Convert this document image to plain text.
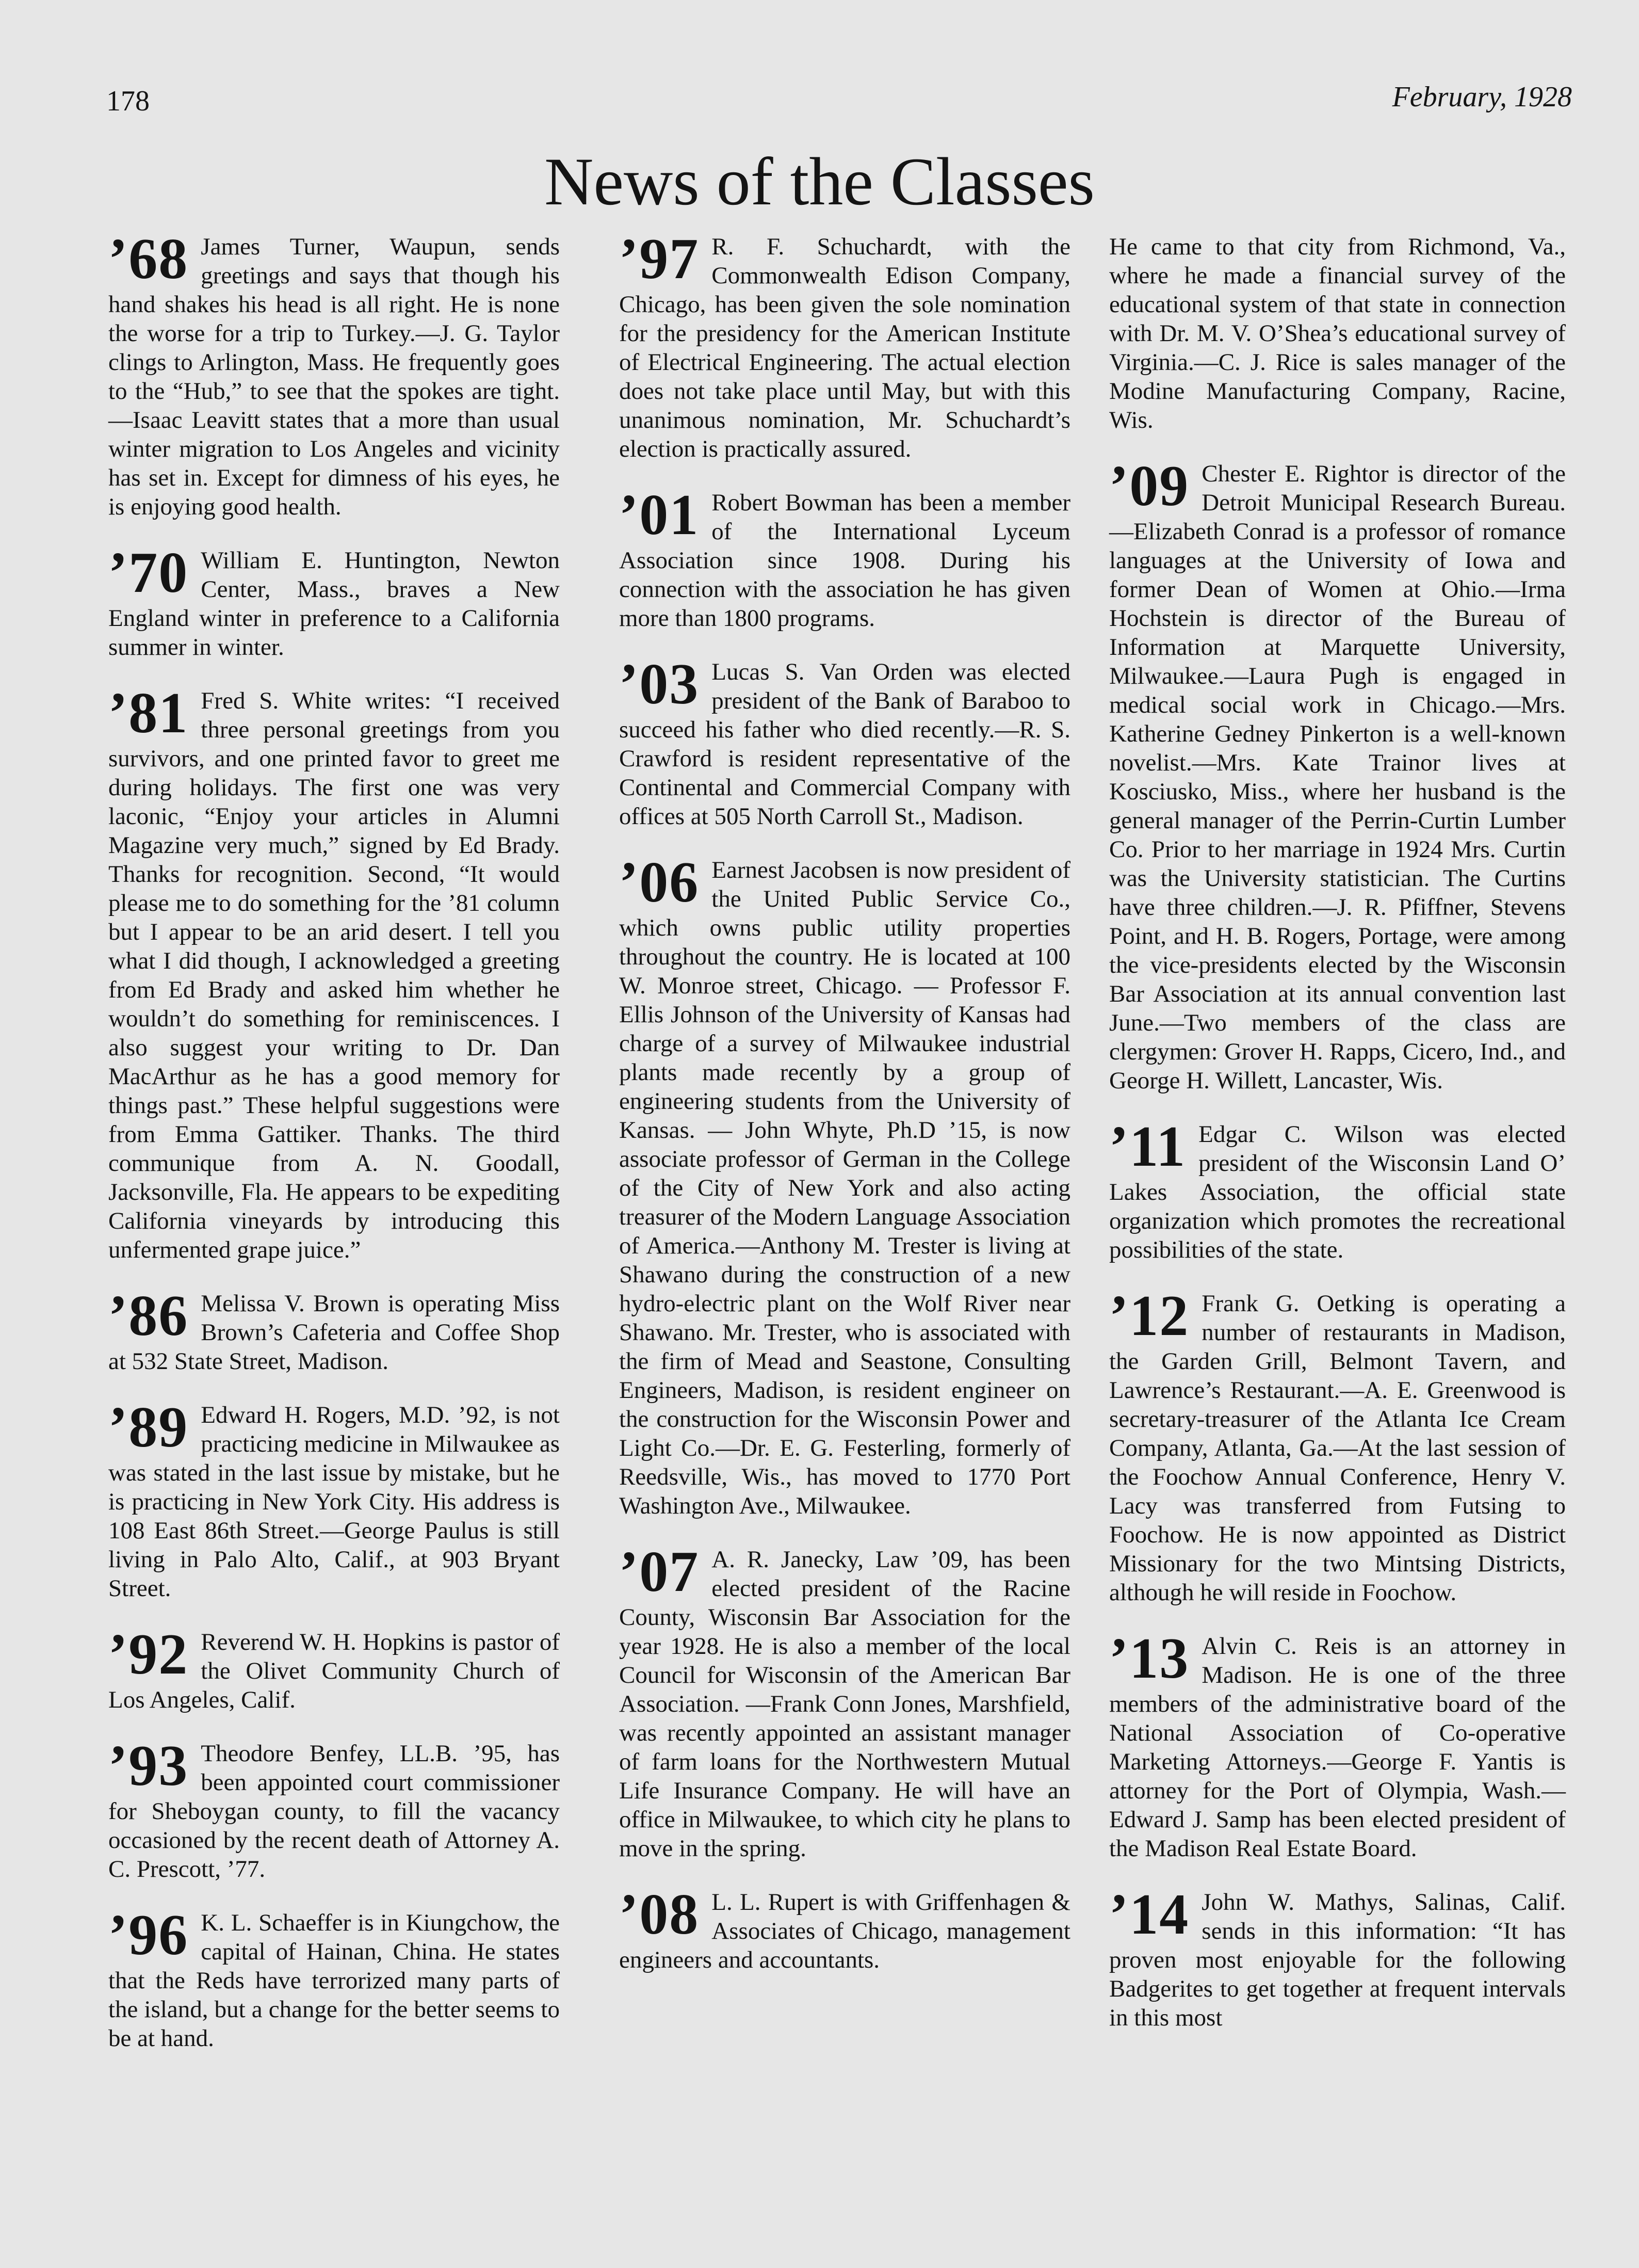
178	February, 1928
News of the Classes
’68 James Turner, Waupun, sends greetings and says that though his hand shakes his head is all right. He is none the worse for a trip to Turkey.—J. G. Taylor clings to Arlington, Mass. He frequently goes to the “Hub,” to see that the spokes are tight.—Isaac Leavitt states that a more than usual winter migration to Los Angeles and vicinity has set in. Except for dimness of his eyes, he is enjoying good health.

’70 William E. Huntington, Newton Center, Mass., braves a New England winter in preference to a California summer in winter.

’81 Fred S. White writes: “I received three personal greetings from you survivors, and one printed favor to greet me during holidays. The first one was very laconic, “Enjoy your articles in Alumni Magazine very much,” signed by Ed Brady. Thanks for recognition. Second, “It would please me to do something for the ’81 column but I appear to be an arid desert. I tell you what I did though, I acknowledged a greeting from Ed Brady and asked him whether he wouldn’t do something for reminiscences. I also suggest your writing to Dr. Dan MacArthur as he has a good memory for things past.” These helpful suggestions were from Emma Gattiker. Thanks. The third communique from A. N. Goodall, Jacksonville, Fla. He appears to be expediting California vineyards by introducing this unfermented grape juice.”

’86 Melissa V. Brown is operating Miss Brown’s Cafeteria and Coffee Shop at 532 State Street, Madison.

’89 Edward H. Rogers, M.D. ’92, is not practicing medicine in Milwaukee as was stated in the last issue by mistake, but he is practicing in New York City. His address is 108 East 86th Street.—George Paulus is still living in Palo Alto, Calif., at 903 Bryant Street.

’92 Reverend W. H. Hopkins is pastor of the Olivet Community Church of Los Angeles, Calif.

’93 Theodore Benfey, LL.B. ’95, has been appointed court commissioner for Sheboygan county, to fill the vacancy occasioned by the recent death of Attorney A. C. Prescott, ’77.

’96 K. L. Schaeffer is in Kiungchow, the capital of Hainan, China. He states that the Reds have terrorized many parts of the island, but a change for the better seems to be at hand.

’97 R. F. Schuchardt, with the Commonwealth Edison Company, Chicago, has been given the sole nomination for the presidency for the American Institute of Electrical Engineering. The actual election does not take place until May, but with this unanimous nomination, Mr. Schuchardt’s election is practically assured.

’01 Robert Bowman has been a member of the International Lyceum Association since 1908. During his connection with the association he has given more than 1800 programs.

’03 Lucas S. Van Orden was elected president of the Bank of Baraboo to succeed his father who died recently.—R. S. Crawford is resident representative of the Continental and Commercial Company with offices at 505 North Carroll St., Madison.

’06 Earnest Jacobsen is now president of the United Public Service Co., which owns public utility properties throughout the country. He is located at 100 W. Monroe street, Chicago. — Professor F. Ellis Johnson of the University of Kansas had charge of a survey of Milwaukee industrial plants made recently by a group of engineering students from the University of Kansas. — John Whyte, Ph.D ’15, is now associate professor of German in the College of the City of New York and also acting treasurer of the Modern Language Association of America.—Anthony M. Trester is living at Shawano during the construction of a new hydro-electric plant on the Wolf River near Shawano. Mr. Trester, who is associated with the firm of Mead and Seastone, Consulting Engineers, Madison, is resident engineer on the construction for the Wisconsin Power and Light Co.—Dr. E. G. Festerling, formerly of Reedsville, Wis., has moved to 1770 Port Washington Ave., Milwaukee.

’07 A. R. Janecky, Law ’09, has been elected president of the Racine County, Wisconsin Bar Association for the year 1928. He is also a member of the local Council for Wisconsin of the American Bar Association. —Frank Conn Jones, Marshfield, was recently appointed an assistant manager of farm loans for the Northwestern Mutual Life Insurance Company. He will have an office in Milwaukee, to which city he plans to move in the spring.

’08 L. L. Rupert is with Griffenhagen & Associates of Chicago, management engineers and accountants.

He came to that city from Richmond, Va., where he made a financial survey of the educational system of that state in connection with Dr. M. V. O’Shea’s educational survey of Virginia.—C. J. Rice is sales manager of the Modine Manufacturing Company, Racine, Wis.

’09 Chester E. Rightor is director of the Detroit Municipal Research Bureau.—Elizabeth Conrad is a professor of romance languages at the University of Iowa and former Dean of Women at Ohio.—Irma Hochstein is director of the Bureau of Information at Marquette University, Milwaukee.—Laura Pugh is engaged in medical social work in Chicago.—Mrs. Katherine Gedney Pinkerton is a well-known novelist.—Mrs. Kate Trainor lives at Kosciusko, Miss., where her husband is the general manager of the Perrin-Curtin Lumber Co. Prior to her marriage in 1924 Mrs. Curtin was the University statistician. The Curtins have three children.—J. R. Pfiffner, Stevens Point, and H. B. Rogers, Portage, were among the vice-presidents elected by the Wisconsin Bar Association at its annual convention last June.—Two members of the class are clergymen: Grover H. Rapps, Cicero, Ind., and George H. Willett, Lancaster, Wis.

’11 Edgar C. Wilson was elected president of the Wisconsin Land O’ Lakes Association, the official state organization which promotes the recreational possibilities of the state.

’12 Frank G. Oetking is operating a number of restaurants in Madison, the Garden Grill, Belmont Tavern, and Lawrence’s Restaurant.—A. E. Greenwood is secretary-treasurer of the Atlanta Ice Cream Company, Atlanta, Ga.—At the last session of the Foochow Annual Conference, Henry V. Lacy was transferred from Futsing to Foochow. He is now appointed as District Missionary for the two Mintsing Districts, although he will reside in Foochow.

’13 Alvin C. Reis is an attorney in Madison. He is one of the three members of the administrative board of the National Association of Co-operative Marketing Attorneys.—George F. Yantis is attorney for the Port of Olympia, Wash.—Edward J. Samp has been elected president of the Madison Real Estate Board.

’14 John W. Mathys, Salinas, Calif. sends in this information: “It has proven most enjoyable for the following Badgerites to get together at frequent intervals in this most
